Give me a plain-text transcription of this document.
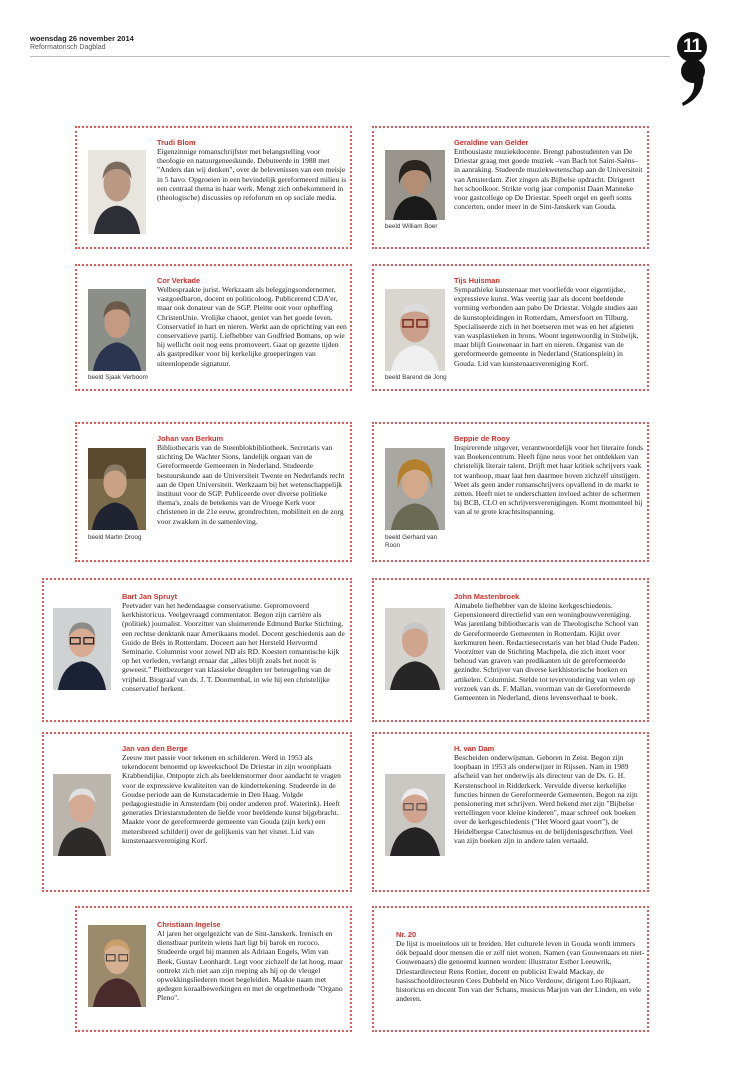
woensdag 26 november 2014
Reformatorisch Dagblad	11
Trudi Blom

Eigenzinnige romanschrijfster met belangstelling voor theologie en natuurgeneeskunde. Debuteerde in 1988 met "Anders dan wij denken", over de belevenissen van een meisje in 5 havo. Opgroeien in een bevindelijk gereformeerd milieu is een centraal thema in haar werk. Mengt zich onbekommerd in (theologische) discussies op refoforum en op sociale media.

beeld William Boer
Geraldine van Gelder

Enthousiaste muziekdocente. Brengt pabostudenten van De Driestar graag met goede muziek –van Bach tot Saint-Saëns– in aanraking. Studeerde muziekwetenschap aan de Universiteit van Amsterdam. Ziet zingen als Bijbelse opdracht. Dirigeert het schoolkoor. Strikte vorig jaar componist Daan Manneke voor gastcollege op De Driestar. Speelt orgel en geeft soms concerten, onder meer in de Sint-Janskerk van Gouda.

beeld Sjaak Verboom
Cor Verkade

Welbespraakte jurist. Werkzaam als beleggingsondernemer, vastgoedbaron, docent en politicoloog. Publicerend CDA'er, maar ook donateur van de SGP. Pleitte ooit voor opheffing ChristenUnie. Vrolijke chaoot, geniet van het goede leven. Conservatief in hart en nieren. Werkt aan de oprichting van een conservatieve partij. Liefhebber van Godfried Bomans, op wie hij wellicht ooit nog eens promoveert. Gaat op gezette tijden als gastprediker voor bij kerkelijke groeperingen van uiteenlopende signatuur.

beeld Barend de Jong
Tijs Huisman

Sympathieke kunstenaar met voorliefde voor eigentijdse, expressieve kunst. Was veertig jaar als docent beeldende vorming verbonden aan pabo De Driestar. Volgde studies aan de kunstopleidingen in Rotterdam, Amersfoort en Tilburg. Specialiseerde zich in het boetseren met was en het afgieten van wasplastieken in brons. Woont tegenwoordig in Stolwijk, maar blijft Gouwenaar in hart en nieren. Organist van de gereformeerde gemeente in Nederland (Stationsplein) in Gouda. Lid van kunstenaarsvereniging Korf.

beeld Martin Droog
Johan van Berkum

Bibliothecaris van de Steenblokbibliotheek. Secretaris van stichting De Wachter Sions, landelijk orgaan van de Gereformeerde Gemeenten in Nederland. Studeerde bestuurskunde aan de Universiteit Twente en Nederlands recht aan de Open Universiteit. Werkzaam bij het wetenschappelijk instituut voor de SGP. Publiceerde over diverse politieke thema's, zoals de betekenis van de Vroege Kerk voor christenen in de 21e eeuw, grondrechten, mobiliteit en de zorg voor zwakken in de samenleving.

beeld Gerhard van Roon
Beppie de Rooy

Inspirerende uitgever, verantwoordelijk voor het literaire fonds van Boekencentrum. Heeft fijne neus voor het ontdekken van christelijk literair talent. Drijft met haar kritiek schrijvers vaak tot wanhoop, maar laat hen daarmee boven zichzelf uitstijgen. Weet als geen ander romanschrijvers opvallend in de markt te zetten. Heeft niet te onderschatten invloed achter de schermen bij BCB, CLO en schrijversverenigingen. Komt momenteel bij van al te grote krachtsinspanning.

Bart Jan Spruyt

Peetvader van het hedendaagse conservatisme. Gepromoveerd kerkhistoricus. Veelgevraagd commentator. Begon zijn carrière als (politiek) journalist. Voorzitter van sluimerende Edmund Burke Stichting, een rechtse denktank naar Amerikaans model. Docent geschiedenis aan de Guido de Brès in Rotterdam. Doceert aan het Hersteld Hervormd Seminarie. Columnist voor zowel ND als RD. Koestert romantische kijk op het verleden, verlangt ernaar dat „alles blijft zoals het nooit is geweest.” Pleitbezorger van klassieke deugden ter beteugeling van de vrijheid. Biograaf van ds. J. T. Doornenbal, in wie hij een christelijke conservatief herkent.

John Mastenbroek

Aimabele liefhebber van de kleine kerkgeschiedenis. Gepensioneerd directielid van een woningbouwvereniging. Was jarenlang bibliothecaris van de Theologische School van de Gereformeerde Gemeenten in Rotterdam. Kijkt over kerkmuren heen. Redactiesecretaris van het blad Oude Paden. Voorzitter van de Stichting Machpela, die zich inzet voor behoud van graven van predikanten uit de gereformeerde gezindte. Schrijver van diverse kerkhistorische boeken en artikelen. Columnist. Stelde tot tevervondering van velen op verzoek van ds. F. Mallan, voorman van de Gereformeerde Gemeenten in Nederland, diens levensverhaal te boek.

Jan van den Berge

Zeeuw met passie voor tekenen en schilderen. Werd in 1953 als tekendocent benoemd op kweekschool De Driestar in zijn woonplaats Krabbendijke. Ontpopte zich als beeldenstormer door aandacht te vragen voor de expressieve kwaliteiten van de kindertekening. Studeerde in de Goudse periode aan de Kunstacademie in Den Haag. Volgde pedagogiestudie in Amsterdam (bij onder anderen prof. Waterink). Heeft generaties Driestarstudenten de liefde voor beeldende kunst bijgebracht. Maakte voor de gereformeerde gemeente van Gouda (zijn kerk) een metersbreed schilderij over de gelijkenis van het visnet. Lid van kunstenaarsvereniging Korf.

H. van Dam

Bescheiden onderwijsman. Geboren in Zeist. Begon zijn loopbaan in 1953 als onderwijzer in Rijssen. Nam in 1989 afscheid van het onderwijs als directeur van de Ds. G. H. Kerstenschool in Ridderkerk. Vervulde diverse kerkelijke functies binnen de Gereformeerde Gemeenten. Begon na zijn pensionering met schrijven. Werd bekend met zijn "Bijbelse vertellingen voor kleine kinderen", maar schreef ook boeken over de kerkgeschiedenis ("Het Woord gaat voort"), de Heidelbergse Catechismus en de belijdenisgeschriften. Veel van zijn boeken zijn in andere talen vertaald.

Christiaan Ingelse

Al jaren het orgelgezicht van de Sint-Janskerk. Irenisch en dienstbaar puritein wiens hart ligt bij barok en rococo. Studeerde orgel bij mannen als Adriaan Engels, Wim van Beek, Gustav Leonhardt. Legt voor zichzelf de lat hoog, maar onttrekt zich niet aan zijn roeping als hij op de vleugel opwekkingsliederen moet begeleiden. Maakte naam met gedegen koraalbewerkingen en met de orgelmethode "Organo Pleno".

Nr. 20

De lijst is moeiteloos uit te breiden. Het culturele leven in Gouda wordt immers óók bepaald door mensen die er zelf niet wonen. Namen (van Gouwenaars en niet-Gouwenaars) die genoemd kunnen worden: illustrator Esther Leeuwrik, Driestardirecteur Rens Rottier, docent en publicist Ewald Mackay, de basisschooldirecteuren Cees Dubbeld en Nico Verdouw, dirigent Leo Rijkaart, historicus en docent Ton van der Schans, musicus Marjon van der Linden, en vele anderen.
